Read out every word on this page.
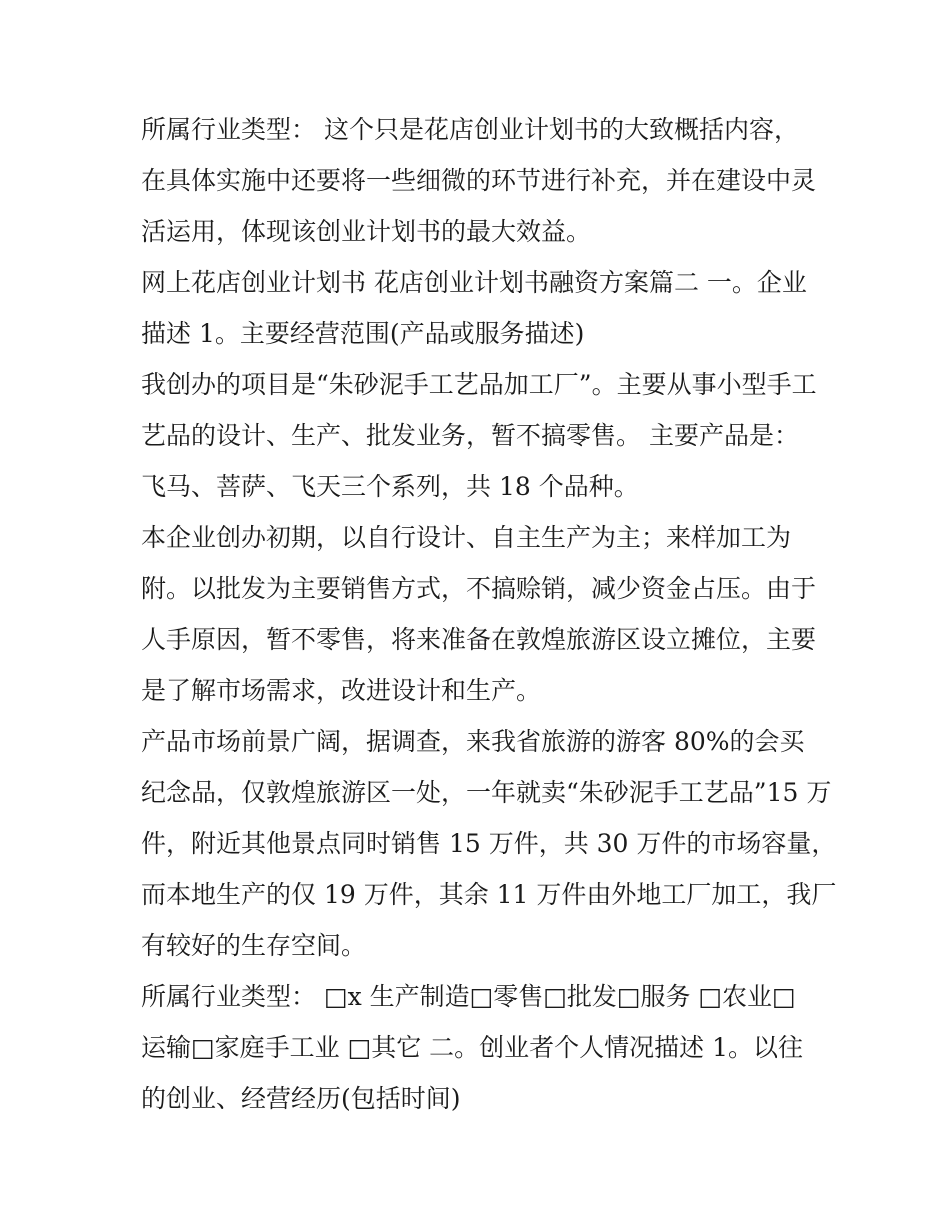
所属行业类型： 这个只是花店创业计划书的大致概括内容，
在具体实施中还要将一些细微的环节进行补充，并在建设中灵
活运用，体现该创业计划书的最大效益。
网上花店创业计划书 花店创业计划书融资方案篇二 一。企业
描述 1。主要经营范围(产品或服务描述)
我创办的项目是“朱砂泥手工艺品加工厂”。主要从事小型手工
艺品的设计、生产、批发业务，暂不搞零售。 主要产品是：
飞马、菩萨、飞天三个系列，共 18 个品种。
本企业创办初期，以自行设计、自主生产为主；来样加工为
附。以批发为主要销售方式，不搞赊销，减少资金占压。由于
人手原因，暂不零售，将来准备在敦煌旅游区设立摊位，主要
是了解市场需求，改进设计和生产。
产品市场前景广阔，据调查，来我省旅游的游客 80%的会买
纪念品，仅敦煌旅游区一处，一年就卖“朱砂泥手工艺品”15 万
件，附近其他景点同时销售 15 万件，共 30 万件的市场容量，
而本地生产的仅 19 万件，其余 11 万件由外地工厂加工，我厂
有较好的生存空间。
所属行业类型： □x 生产制造□零售□批发□服务 □农业□
运输□家庭手工业 □其它 二。创业者个人情况描述 1。以往
的创业、经营经历(包括时间)
